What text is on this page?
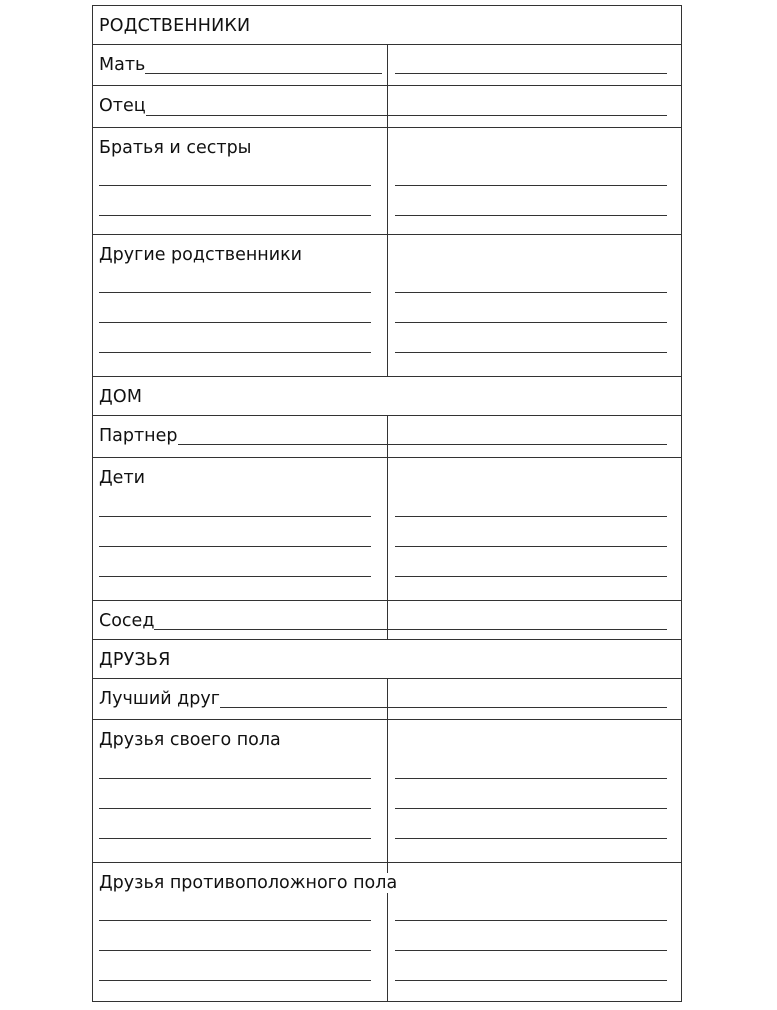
РОДСТВЕННИКИ
Мать
Отец
Братья и сестры
Другие родственники
ДОМ
Партнер
Дети
Сосед
ДРУЗЬЯ
Лучший друг
Друзья своего пола
Друзья противоположного пола
